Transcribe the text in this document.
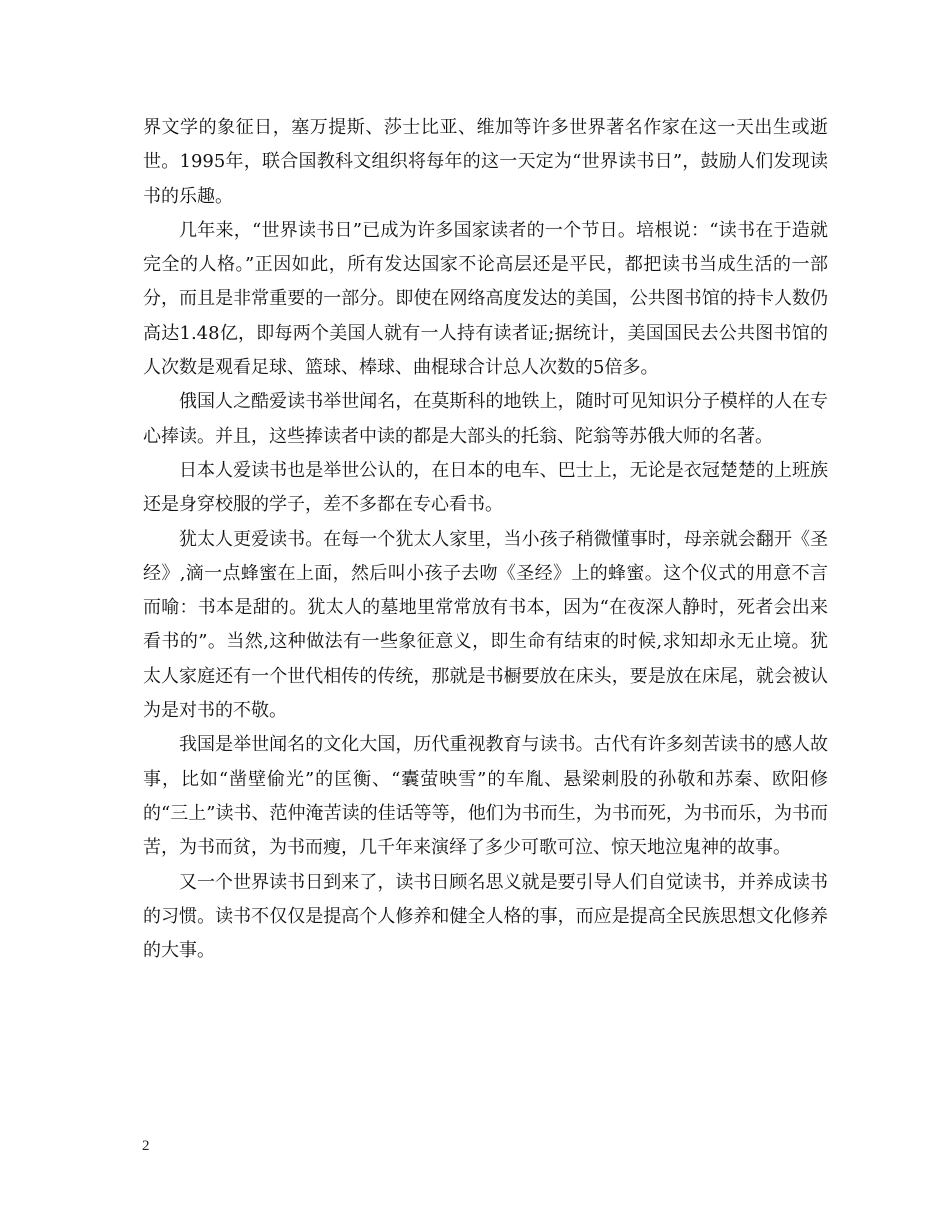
界文学的象征日，塞万提斯、莎士比亚、维加等许多世界著名作家在这一天出生或逝世。1995年，联合国教科文组织将每年的这一天定为“世界读书日”，鼓励人们发现读书的乐趣。

几年来，“世界读书日”已成为许多国家读者的一个节日。培根说：“读书在于造就完全的人格。”正因如此，所有发达国家不论高层还是平民，都把读书当成生活的一部分，而且是非常重要的一部分。即使在网络高度发达的美国，公共图书馆的持卡人数仍高达1.48亿，即每两个美国人就有一人持有读者证;据统计，美国国民去公共图书馆的人次数是观看足球、篮球、棒球、曲棍球合计总人次数的5倍多。

俄国人之酷爱读书举世闻名，在莫斯科的地铁上，随时可见知识分子模样的人在专心捧读。并且，这些捧读者中读的都是大部头的托翁、陀翁等苏俄大师的名著。

日本人爱读书也是举世公认的，在日本的电车、巴士上，无论是衣冠楚楚的上班族还是身穿校服的学子，差不多都在专心看书。

犹太人更爱读书。在每一个犹太人家里，当小孩子稍微懂事时，母亲就会翻开《圣经》,滴一点蜂蜜在上面，然后叫小孩子去吻《圣经》上的蜂蜜。这个仪式的用意不言而喻：书本是甜的。犹太人的墓地里常常放有书本，因为“在夜深人静时，死者会出来看书的”。当然,这种做法有一些象征意义，即生命有结束的时候,求知却永无止境。犹太人家庭还有一个世代相传的传统，那就是书橱要放在床头，要是放在床尾，就会被认为是对书的不敬。

我国是举世闻名的文化大国，历代重视教育与读书。古代有许多刻苦读书的感人故事，比如“凿壁偷光”的匡衡、“囊萤映雪”的车胤、悬梁刺股的孙敬和苏秦、欧阳修的“三上”读书、范仲淹苦读的佳话等等，他们为书而生，为书而死，为书而乐，为书而苦，为书而贫，为书而瘦，几千年来演绎了多少可歌可泣、惊天地泣鬼神的故事。

又一个世界读书日到来了，读书日顾名思义就是要引导人们自觉读书，并养成读书的习惯。读书不仅仅是提高个人修养和健全人格的事，而应是提高全民族思想文化修养的大事。

2
